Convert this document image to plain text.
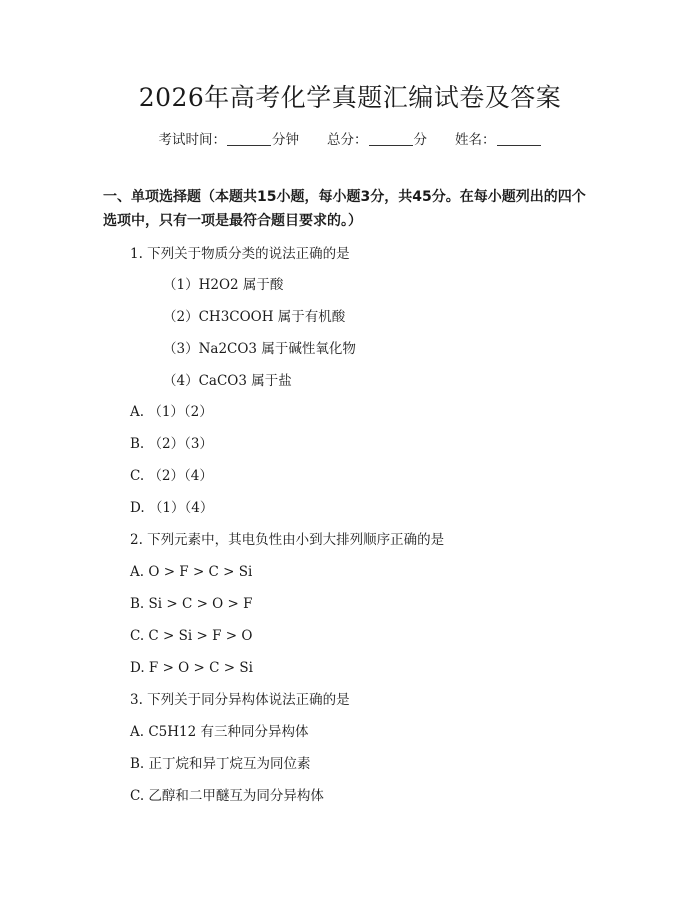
2026年高考化学真题汇编试卷及答案
考试时间：	分钟 总分：	分 姓名：
一、单项选择题（本题共15小题，每小题3分，共45分。在每小题列出的四个选项中，只有一项是最符合题目要求的。）
1. 下列关于物质分类的说法正确的是
（1）H2O2 属于酸
（2）CH3COOH 属于有机酸
（3）Na2CO3 属于碱性氧化物
（4）CaCO3 属于盐
A. （1）（2）
B. （2）（3）
C. （2）（4）
D. （1）（4）
2. 下列元素中，其电负性由小到大排列顺序正确的是
A. O > F > C > Si
B. Si > C > O > F
C. C > Si > F > O
D. F > O > C > Si
3. 下列关于同分异构体说法正确的是
A. C5H12 有三种同分异构体
B. 正丁烷和异丁烷互为同位素
C. 乙醇和二甲醚互为同分异构体
